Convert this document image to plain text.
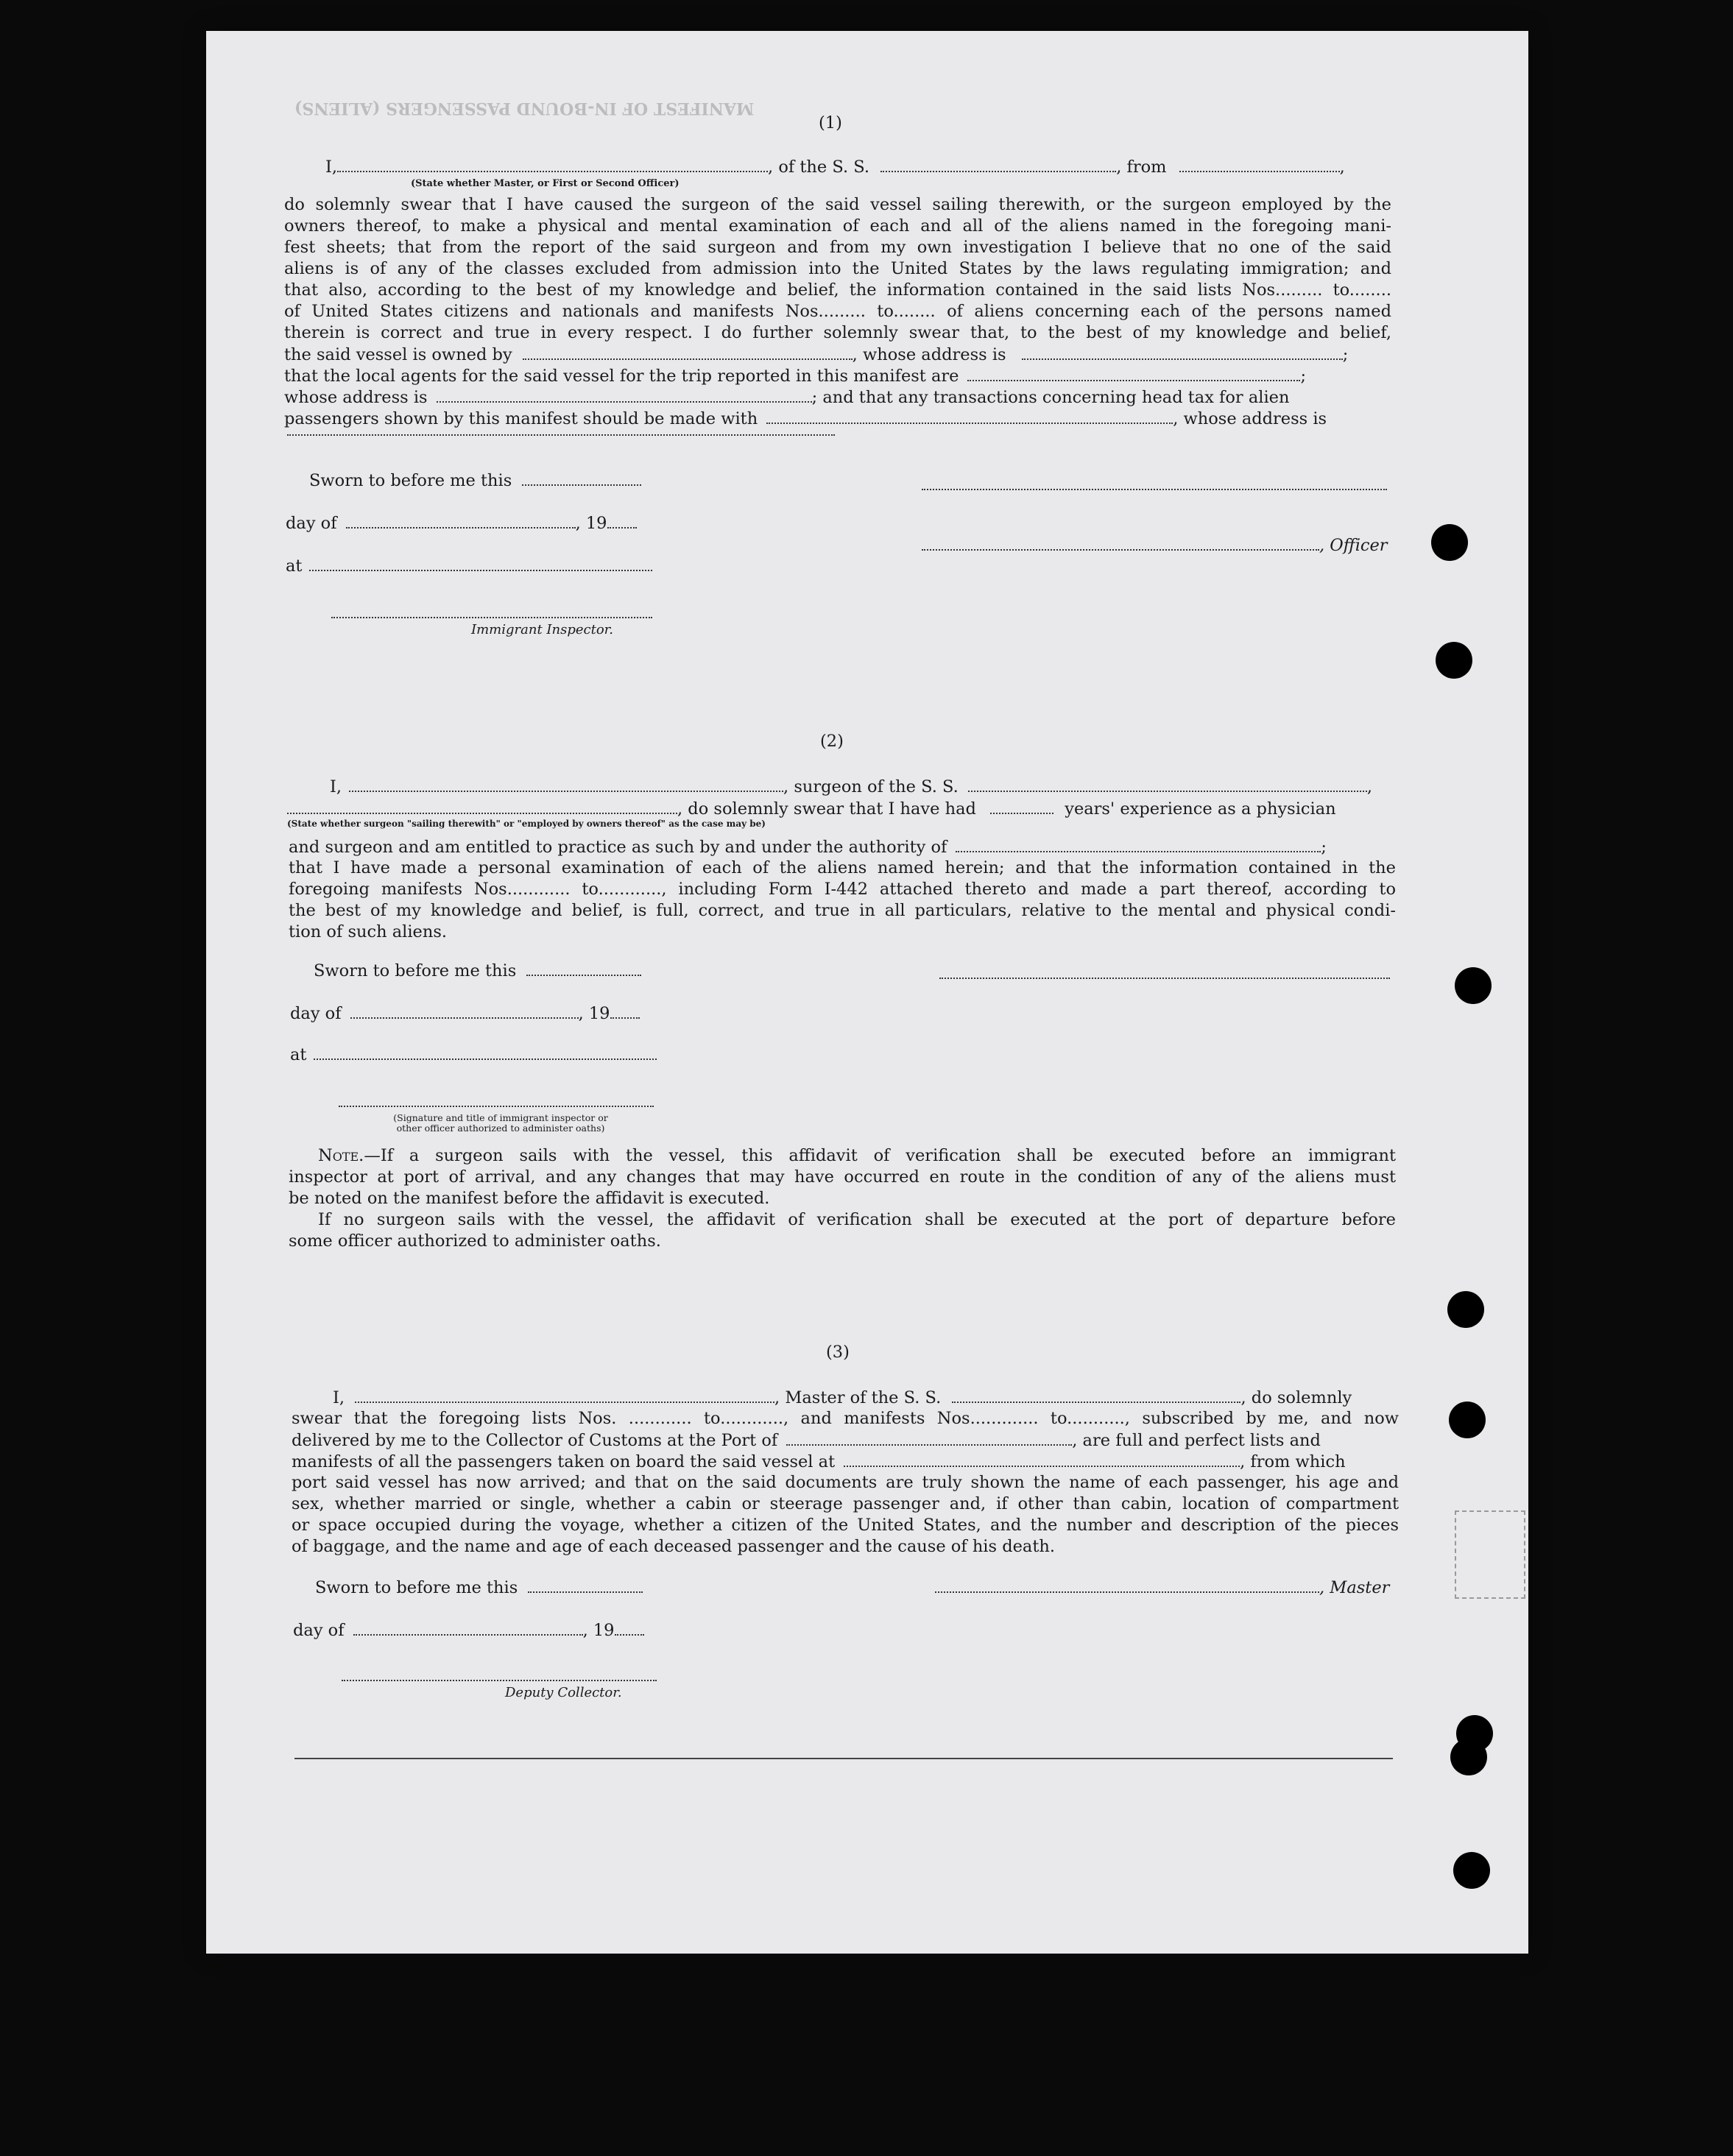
MANIFEST OF IN-BOUND PASSENGERS (ALIENS)
(1)
I,	, of the S. S.	, from	,
(State whether Master, or First or Second Officer)
do solemnly swear that I have caused the surgeon of the said vessel sailing therewith, or the surgeon employed by the
owners thereof, to make a physical and mental examination of each and all of the aliens named in the foregoing mani-
fest sheets; that from the report of the said surgeon and from my own investigation I believe that no one of the said
aliens is of any of the classes excluded from admission into the United States by the laws regulating immigration; and
that also, according to the best of my knowledge and belief, the information contained in the said lists Nos......... to........
of United States citizens and nationals and manifests Nos......... to........ of aliens concerning each of the persons named
therein is correct and true in every respect. I do further solemnly swear that, to the best of my knowledge and belief,
the said vessel is owned by	, whose address is	;
that the local agents for the said vessel for the trip reported in this manifest are	;
whose address is	; and that any transactions concerning head tax for alien
passengers shown by this manifest should be made with	, whose address is
Sworn to before me this
day of	, 19
, Officer
at
Immigrant Inspector.
(2)
I,	, surgeon of the S. S.	,
, do solemnly swear that I have had	years' experience as a physician
(State whether surgeon "sailing therewith" or "employed by owners thereof" as the case may be)
and surgeon and am entitled to practice as such by and under the authority of	;
that I have made a personal examination of each of the aliens named herein; and that the information contained in the
foregoing manifests Nos............ to............, including Form I-442 attached thereto and made a part thereof, according to
the best of my knowledge and belief, is full, correct, and true in all particulars, relative to the mental and physical condi-
tion of such aliens.
Sworn to before me this
day of	, 19
at
(Signature and title of immigrant inspector or
other officer authorized to administer oaths)
Note.—If a surgeon sails with the vessel, this affidavit of verification shall be executed before an immigrant
inspector at port of arrival, and any changes that may have occurred en route in the condition of any of the aliens must
be noted on the manifest before the affidavit is executed.
If no surgeon sails with the vessel, the affidavit of verification shall be executed at the port of departure before
some officer authorized to administer oaths.
(3)
I,	, Master of the S. S.	, do solemnly
swear that the foregoing lists Nos. ............ to............, and manifests Nos............. to..........., subscribed by me, and now
delivered by me to the Collector of Customs at the Port of	, are full and perfect lists and
manifests of all the passengers taken on board the said vessel at	, from which
port said vessel has now arrived; and that on the said documents are truly shown the name of each passenger, his age and
sex, whether married or single, whether a cabin or steerage passenger and, if other than cabin, location of compartment
or space occupied during the voyage, whether a citizen of the United States, and the number and description of the pieces
of baggage, and the name and age of each deceased passenger and the cause of his death.
Sworn to before me this	, Master
day of	, 19
Deputy Collector.
